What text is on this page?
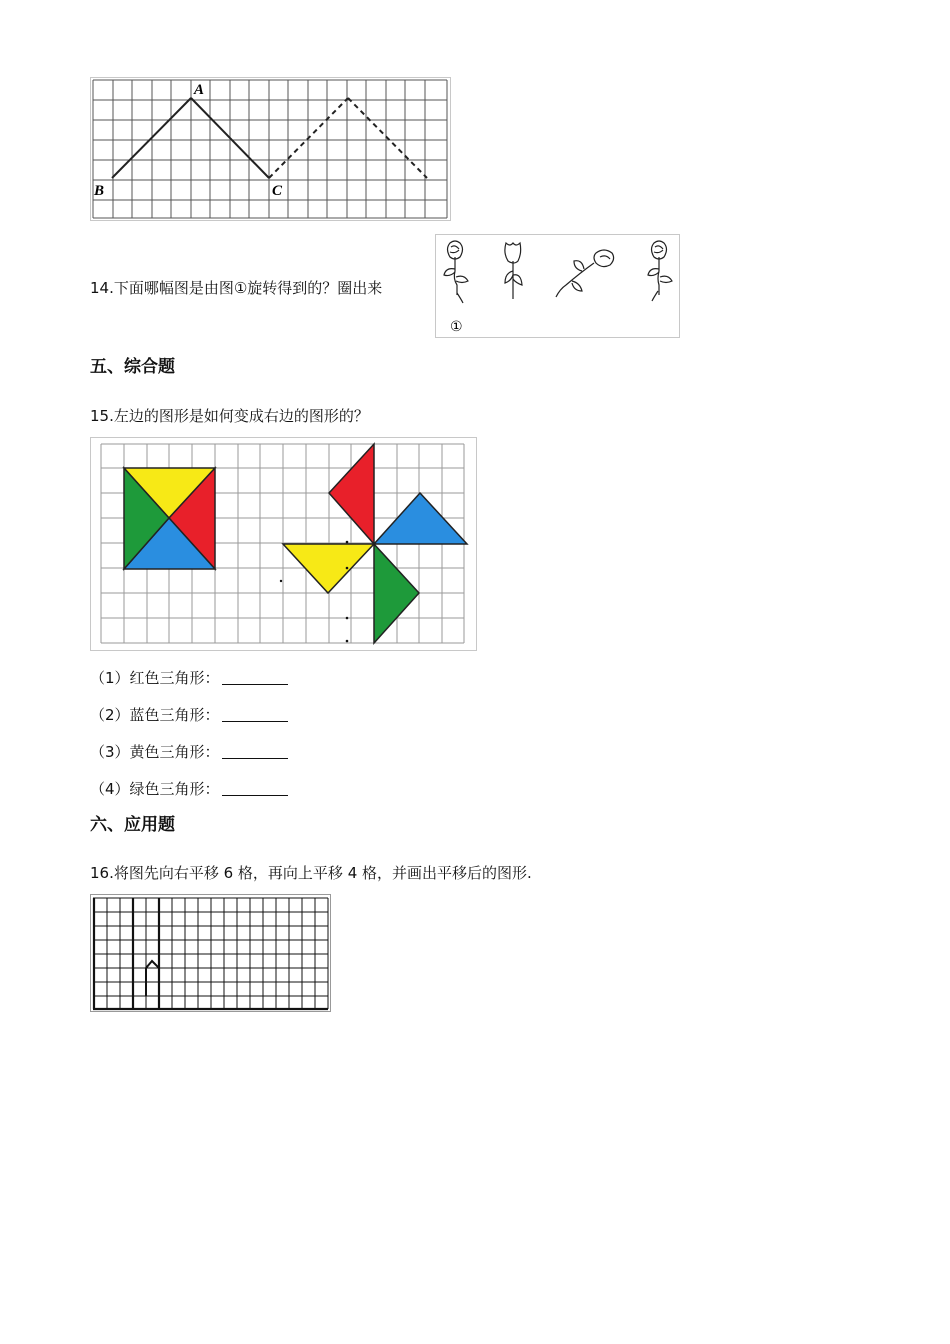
A
B	C
14.下面哪幅图是由图①旋转得到的？圈出来
①
五、综合题
15.左边的图形是如何变成右边的图形的？
（1）红色三角形：
（2）蓝色三角形：
（3）黄色三角形：
（4）绿色三角形：
六、应用题
16.将图先向右平移 6 格，再向上平移 4 格，并画出平移后的图形.
